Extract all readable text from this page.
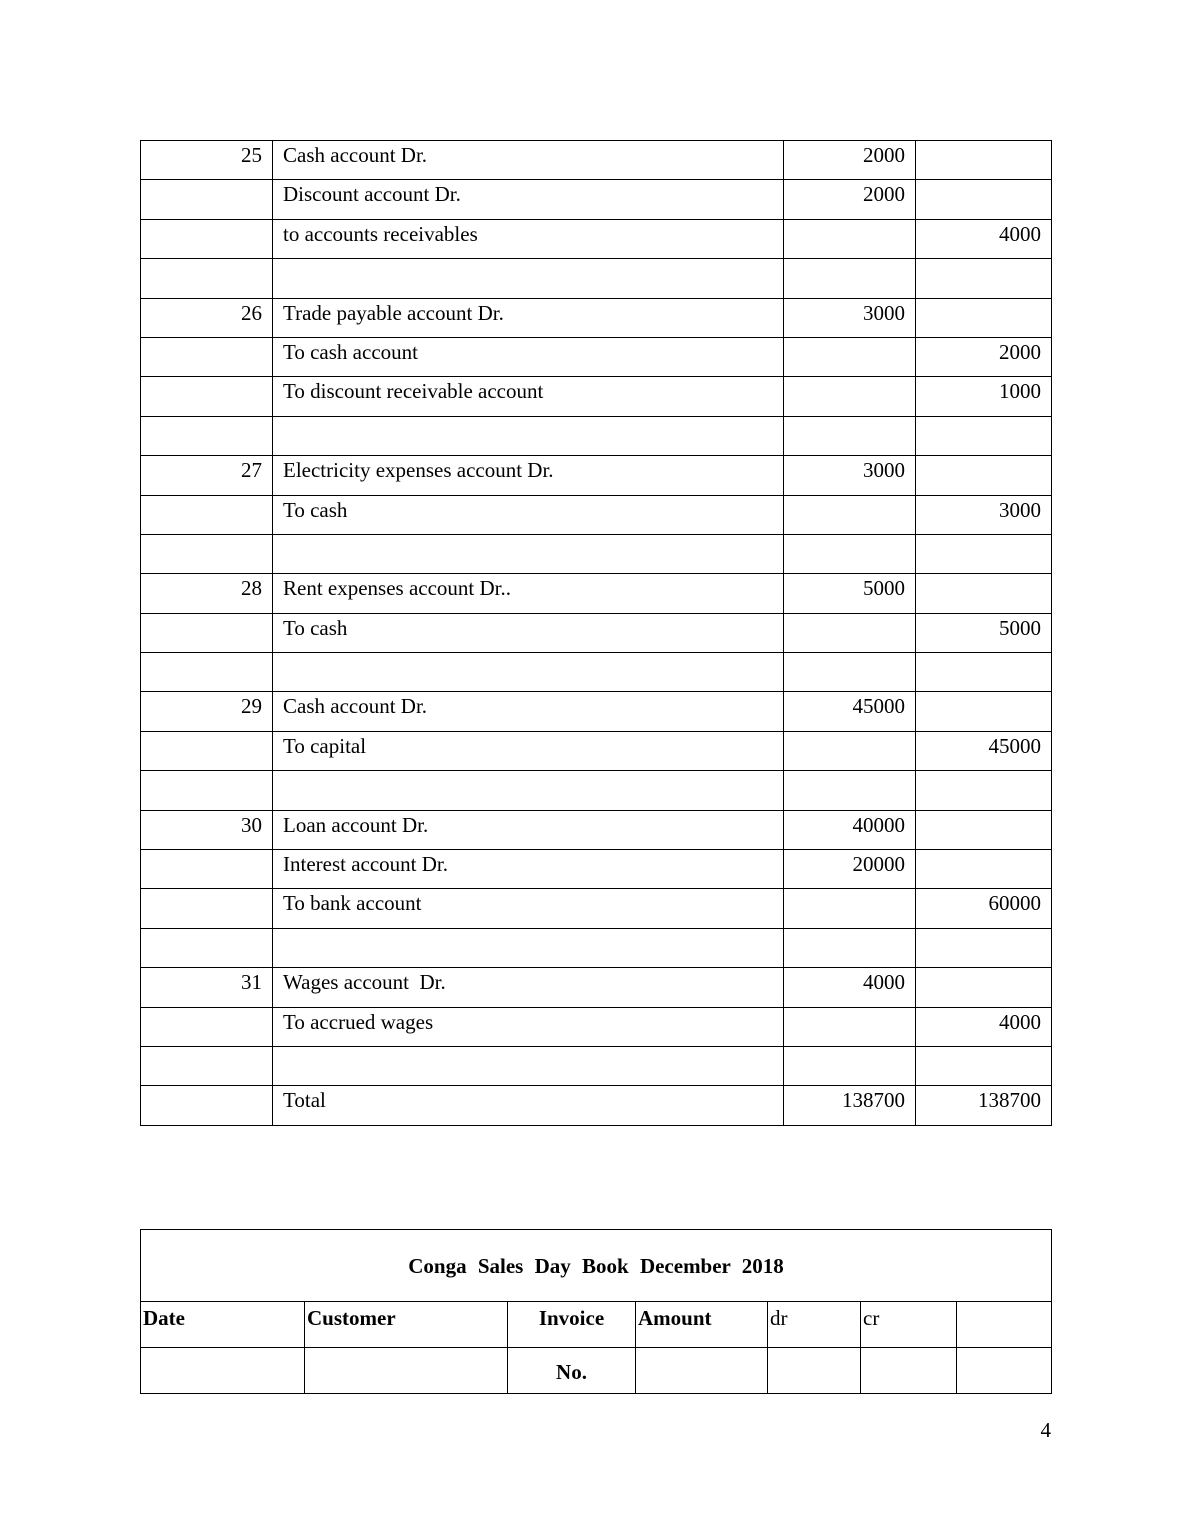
25	Cash account Dr.	2000	
	Discount account Dr.	2000	
	to accounts receivables		4000

26	Trade payable account Dr.	3000	
	To cash account		2000
	To discount receivable account		1000

27	Electricity expenses account Dr.	3000	
	To cash		3000

28	Rent expenses account Dr..	5000	
	To cash		5000

29	Cash account Dr.	45000	
	To capital		45000

30	Loan account Dr.	40000	
	Interest account Dr.	20000	
	To bank account		60000

31	Wages account  Dr.	4000	
	To accrued wages		4000

	Total	138700	138700
Conga Sales Day Book December 2018						
Date	Customer	Invoice	Amount	dr	cr	
		No.				
4
